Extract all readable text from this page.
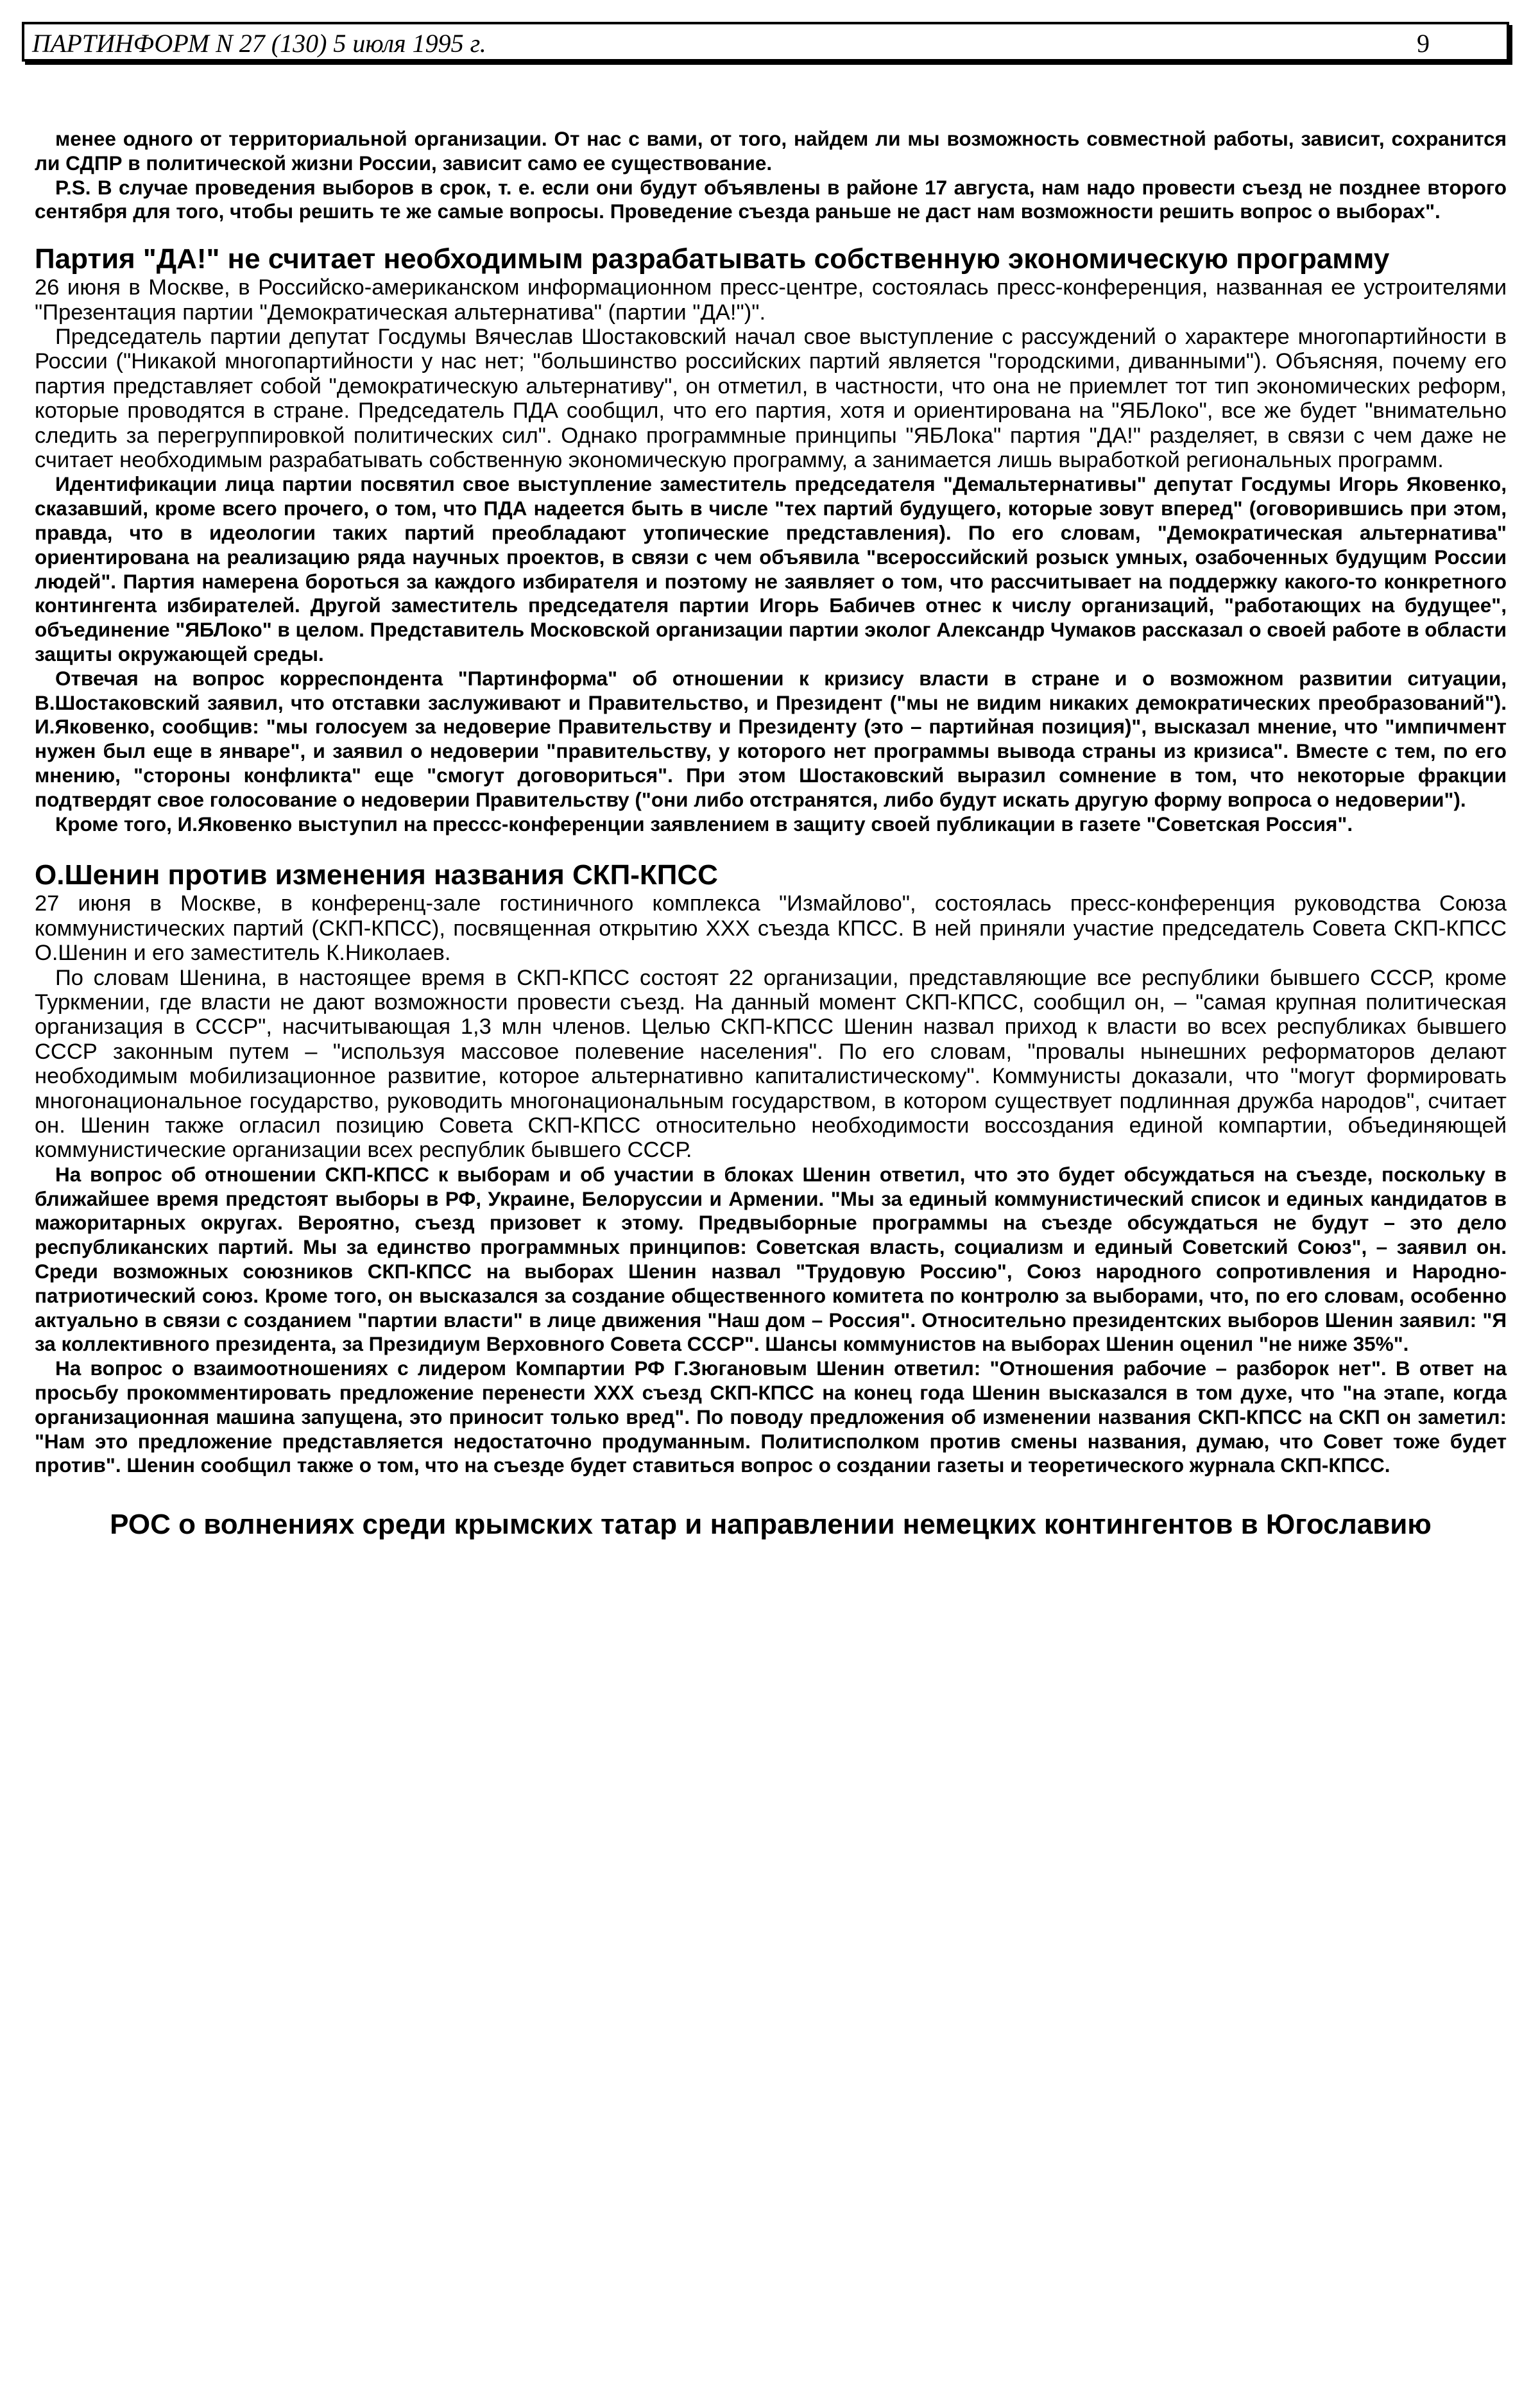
ПАРТИНФОРМ N 27 (130) 5 июля 1995 г.	9

менее одного от территориальной организации. От нас с вами, от того, найдем ли мы возможность совместной работы, зависит, сохранится ли СДПР в политической жизни России, зависит само ее существование.

P.S. В случае проведения выборов в срок, т. е. если они будут объявлены в районе 17 августа, нам надо провести съезд не позднее второго сентября для того, чтобы решить те же самые вопросы. Проведение съезда раньше не даст нам возможности решить вопрос о выборах".

Партия "ДА!" не считает необходимым разрабатывать собственную экономическую программу

26 июня в Москве, в Российско-американском информационном пресс-центре, состоялась пресс-конференция, названная ее устроителями "Презентация партии "Демократическая альтернатива" (партии "ДА!")".

Председатель партии депутат Госдумы Вячеслав Шостаковский начал свое выступление с рассуждений о характере многопартийности в России ("Никакой многопартийности у нас нет; "большинство российских партий является "городскими, диванными"). Объясняя, почему его партия представляет собой "демократическую альтернативу", он отметил, в частности, что она не приемлет тот тип экономических реформ, которые проводятся в стране. Председатель ПДА сообщил, что его партия, хотя и ориентирована на "ЯБЛоко", все же будет "внимательно следить за перегруппировкой политических сил". Однако программные принципы "ЯБЛока" партия "ДА!" разделяет, в связи с чем даже не считает необходимым разрабатывать собственную экономическую программу, а занимается лишь выработкой региональных программ.

Идентификации лица партии посвятил свое выступление заместитель председателя "Демальтернативы" депутат Госдумы Игорь Яковенко, сказавший, кроме всего прочего, о том, что ПДА надеется быть в числе "тех партий будущего, которые зовут вперед" (оговорившись при этом, правда, что в идеологии таких партий преобладают утопические представления). По его словам, "Демократическая альтернатива" ориентирована на реализацию ряда научных проектов, в связи с чем объявила "всероссийский розыск умных, озабоченных будущим России людей". Партия намерена бороться за каждого избирателя и поэтому не заявляет о том, что рассчитывает на поддержку какого-то конкретного контингента избирателей. Другой заместитель председателя партии Игорь Бабичев отнес к числу организаций, "работающих на будущее", объединение "ЯБЛоко" в целом. Представитель Московской организации партии эколог Александр Чумаков рассказал о своей работе в области защиты окружающей среды.

Отвечая на вопрос корреспондента "Партинформа" об отношении к кризису власти в стране и о возможном развитии ситуации, В.Шостаковский заявил, что отставки заслуживают и Правительство, и Президент ("мы не видим никаких демократических преобразований"). И.Яковенко, сообщив: "мы голосуем за недоверие Правительству и Президенту (это – партийная позиция)", высказал мнение, что "импичмент нужен был еще в январе", и заявил о недоверии "правительству, у которого нет программы вывода страны из кризиса". Вместе с тем, по его мнению, "стороны конфликта" еще "смогут договориться". При этом Шостаковский выразил сомнение в том, что некоторые фракции подтвердят свое голосование о недоверии Правительству ("они либо отстранятся, либо будут искать другую форму вопроса о недоверии").

Кроме того, И.Яковенко выступил на прессс-конференции заявлением в защиту своей публикации в газете "Советская Россия".

О.Шенин против изменения названия СКП-КПСС

27 июня в Москве, в конференц-зале гостиничного комплекса "Измайлово", состоялась пресс-конференция руководства Союза коммунистических партий (СКП-КПСС), посвященная открытию XXX съезда КПСС. В ней приняли участие председатель Совета СКП-КПСС О.Шенин и его заместитель К.Николаев.

По словам Шенина, в настоящее время в СКП-КПСС состоят 22 организации, представляющие все республики бывшего СССР, кроме Туркмении, где власти не дают возможности провести съезд. На данный момент СКП-КПСС, сообщил он, – "самая крупная политическая организация в СССР", насчитывающая 1,3 млн членов. Целью СКП-КПСС Шенин назвал приход к власти во всех республиках бывшего СССР законным путем – "используя массовое полевение населения". По его словам, "провалы нынешних реформаторов делают необходимым мобилизационное развитие, которое альтернативно капиталистическому". Коммунисты доказали, что "могут формировать многонациональное государство, руководить многонациональным государством, в котором существует подлинная дружба народов", считает он. Шенин также огласил позицию Совета СКП-КПСС относительно необходимости воссоздания единой компартии, объединяющей коммунистические организации всех республик бывшего СССР.

На вопрос об отношении СКП-КПСС к выборам и об участии в блоках Шенин ответил, что это будет обсуждаться на съезде, поскольку в ближайшее время предстоят выборы в РФ, Украине, Белоруссии и Армении. "Мы за единый коммунистический список и единых кандидатов в мажоритарных округах. Вероятно, съезд призовет к этому. Предвыборные программы на съезде обсуждаться не будут – это дело республиканских партий. Мы за единство программных принципов: Советская власть, социализм и единый Советский Союз", – заявил он. Среди возможных союзников СКП-КПСС на выборах Шенин назвал "Трудовую Россию", Союз народного сопротивления и Народно-патриотический союз. Кроме того, он высказался за создание общественного комитета по контролю за выборами, что, по его словам, особенно актуально в связи с созданием "партии власти" в лице движения "Наш дом – Россия". Относительно президентских выборов Шенин заявил: "Я за коллективного президента, за Президиум Верховного Совета СССР". Шансы коммунистов на выборах Шенин оценил "не ниже 35%".

На вопрос о взаимоотношениях с лидером Компартии РФ Г.Зюгановым Шенин ответил: "Отношения рабочие – разборок нет". В ответ на просьбу прокомментировать предложение перенести XXX съезд СКП-КПСС на конец года Шенин высказался в том духе, что "на этапе, когда организационная машина запущена, это приносит только вред". По поводу предложения об изменении названия СКП-КПСС на СКП он заметил: "Нам это предложение представляется недостаточно продуманным. Политисполком против смены названия, думаю, что Совет тоже будет против". Шенин сообщил также о том, что на съезде будет ставиться вопрос о создании газеты и теоретического журнала СКП-КПСС.

РОС о волнениях среди крымских татар и направлении немецких контингентов в Югославию
